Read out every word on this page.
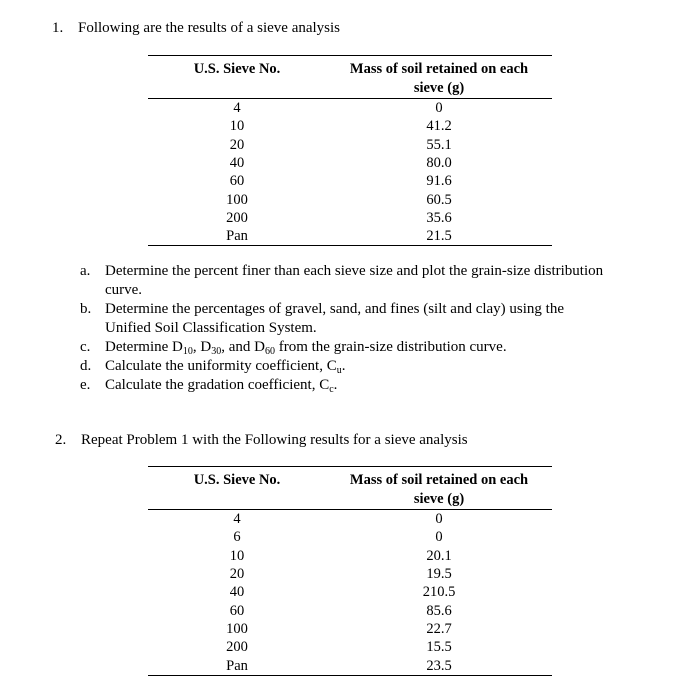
1. Following are the results of a sieve analysis
U.S. Sieve No.	Mass of soil retained on each
sieve (g)
4	0
10	41.2
20	55.1
40	80.0
60	91.6
100	60.5
200	35.6
Pan	21.5
a. Determine the percent finer than each sieve size and plot the grain-size distribution
curve.
b. Determine the percentages of gravel, sand, and fines (silt and clay) using the
Unified Soil Classification System.
c. Determine $D_{10}$, $D_{30}$, and $D_{60}$ from the grain-size distribution curve.
d. Calculate the uniformity coefficient, $C_u$.
e. Calculate the gradation coefficient, $C_c$.
2. Repeat Problem 1 with the Following results for a sieve analysis
U.S. Sieve No.	Mass of soil retained on each
sieve (g)
4	0
6	0
10	20.1
20	19.5
40	210.5
60	85.6
100	22.7
200	15.5
Pan	23.5
